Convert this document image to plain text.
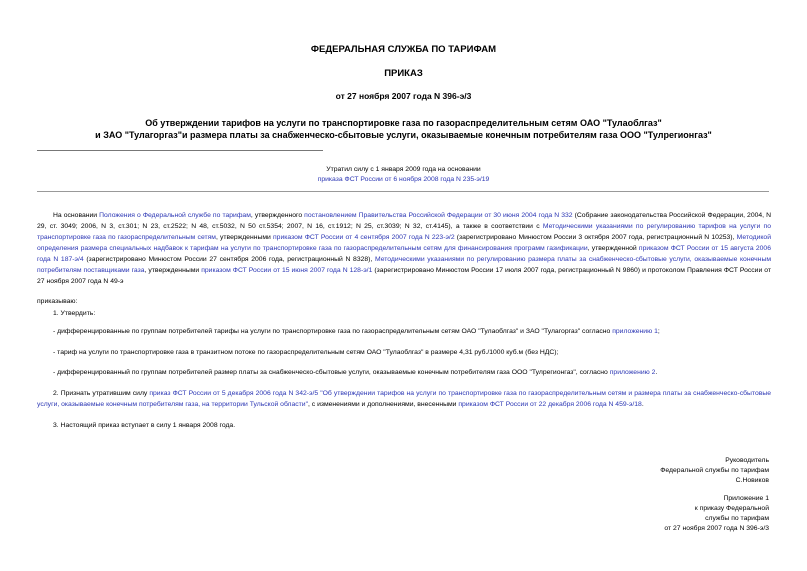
ФЕДЕРАЛЬНАЯ СЛУЖБА ПО ТАРИФАМ
ПРИКАЗ
от 27 ноября 2007 года N 396-э/3
Об утверждении тарифов на услуги по транспортировке газа по газораспределительным сетям ОАО "Тулаоблгаз"
и ЗАО "Тулагоргаз"и размера платы за снабженческо-сбытовые услуги, оказываемые конечным потребителям газа ООО "Тулрегионгаз"
Утратил силу с 1 января 2009 года на основании
приказа ФСТ России от 6 ноября 2008 года N 235-э/19
На основании Положения о Федеральной службе по тарифам, утвержденного постановлением Правительства Российской Федерации от 30 июня 2004 года N 332 (Собрание законодательства Российской Федерации, 2004, N 29, ст. 3049; 2006, N 3, ст.301; N 23, ст.2522; N 48, ст.5032, N 50 ст.5354; 2007, N 16, ст.1912; N 25, ст.3039; N 32, ст.4145), а также в соответствии с Методическими указаниями по регулированию тарифов на услуги по транспортировке газа по газораспределительным сетям, утвержденными приказом ФСТ России от 4 сентября 2007 года N 223-э/2 (зарегистрировано Минюстом России 3 октября 2007 года, регистрационный N 10253), Методикой определения размера специальных надбавок к тарифам на услуги по транспортировке газа по газораспределительным сетям для финансирования программ газификации, утвержденной приказом ФСТ России от 15 августа 2006 года N 187-э/4 (зарегистрировано Минюстом России 27 сентября 2006 года, регистрационный N 8328), Методическими указаниями по регулированию размера платы за снабженческо-сбытовые услуги, оказываемые конечным потребителям поставщиками газа, утвержденными приказом ФСТ России от 15 июня 2007 года N 128-э/1 (зарегистрировано Минюстом России 17 июля 2007 года, регистрационный N 9860) и протоколом Правления ФСТ России от 27 ноября 2007 года N 49-э
приказываю:
1. Утвердить:
- дифференцированные по группам потребителей тарифы на услуги по транспортировке газа по газораспределительным сетям ОАО "Тулаоблгаз" и ЗАО "Тулагоргаз" согласно приложению 1;
- тариф на услуги по транспортировке газа в транзитном потоке по газораспределительным сетям ОАО "Тулаоблгаз" в размере 4,31 руб./1000 куб.м (без НДС);
- дифференцированный по группам потребителей размер платы за снабженческо-сбытовые услуги, оказываемые конечным потребителям газа ООО "Тулрегионгаз", согласно приложению 2.
2. Признать утратившим силу приказ ФСТ России от 5 декабря 2006 года N 342-э/5 "Об утверждении тарифов на услуги по транспортировке газа по газораспределительным сетям и размера платы за снабженческо-сбытовые услуги, оказываемые конечным потребителям газа, на территории Тульской области", с изменениями и дополнениями, внесенными приказом ФСТ России от 22 декабря 2006 года N 459-э/18.
3. Настоящий приказ вступает в силу 1 января 2008 года.
Руководитель
Федеральной службы по тарифам
С.Новиков
Приложение 1
к приказу Федеральной
службы по тарифам
от 27 ноября 2007 года N 396-э/3
